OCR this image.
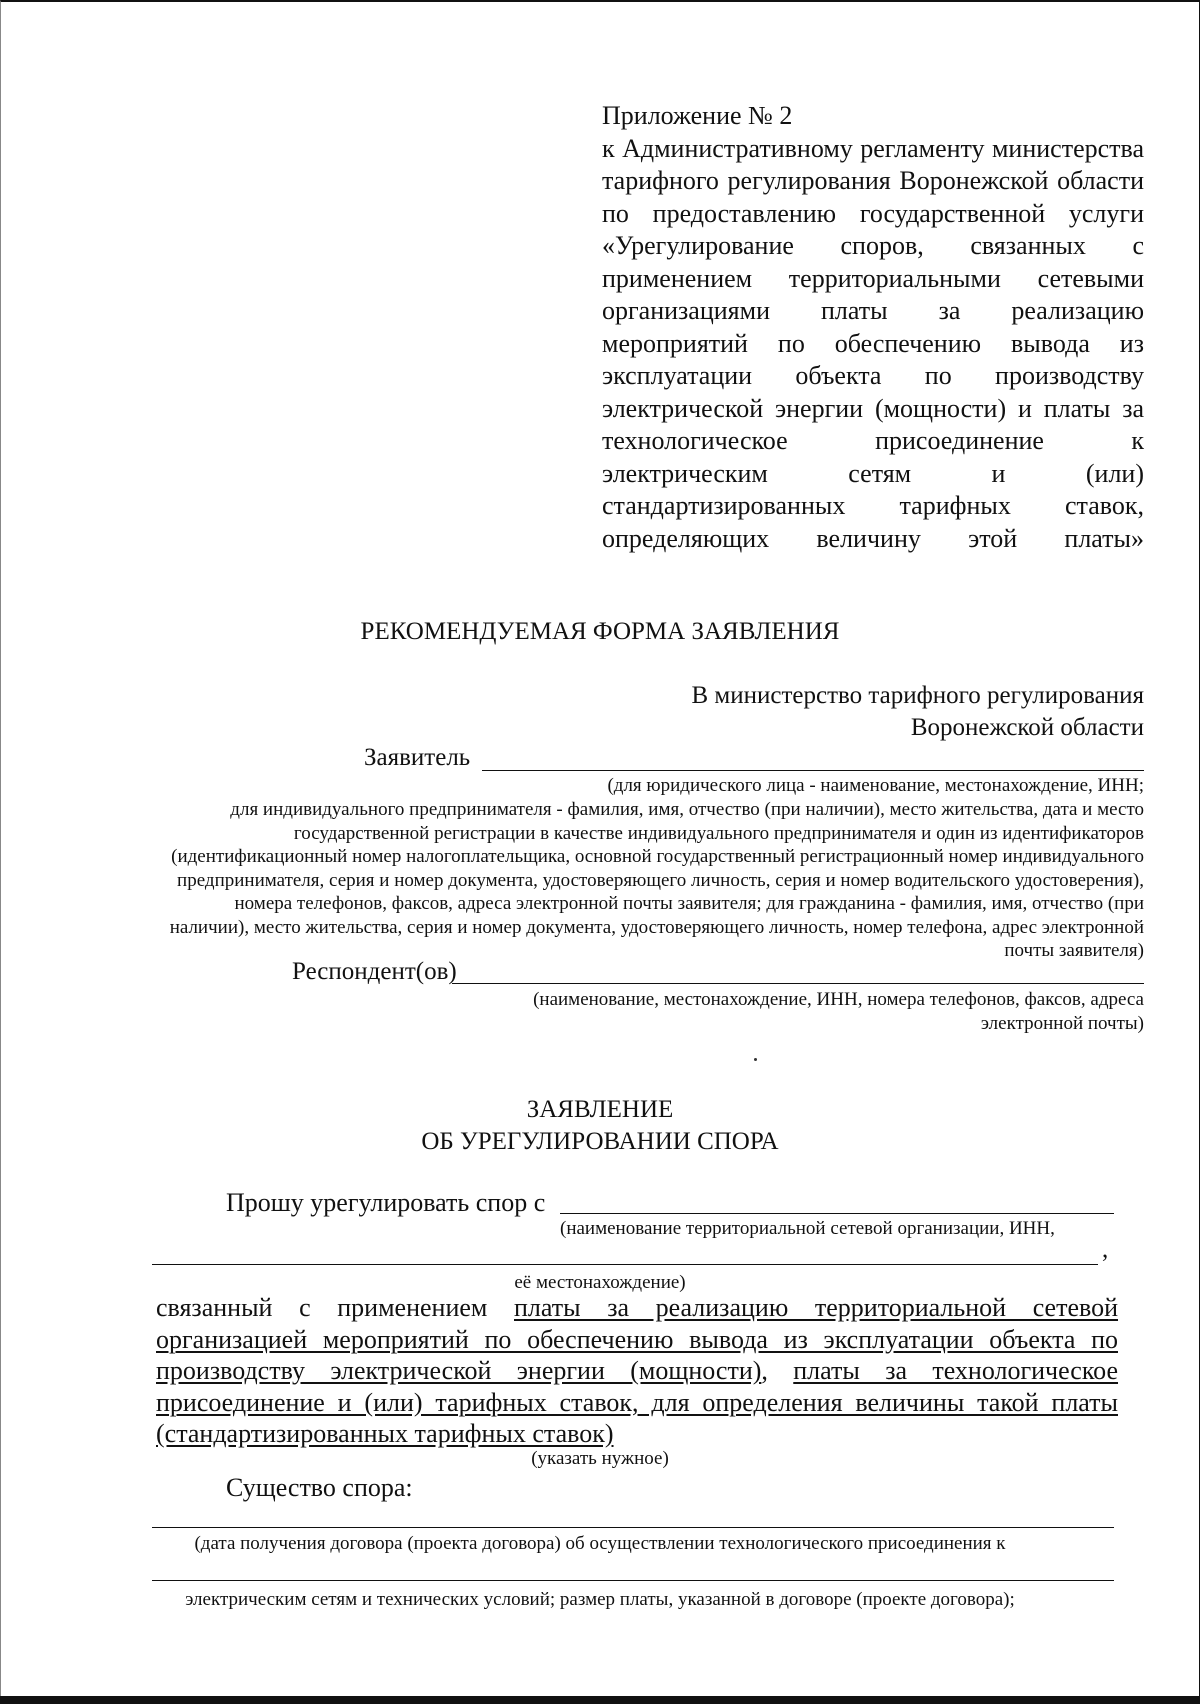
Приложение № 2
к Административному регламенту министерства тарифного регулирования Воронежской области по предоставлению государственной услуги «Урегулирование споров, связанных с применением территориальными сетевыми организациями платы за реализацию мероприятий по обеспечению вывода из эксплуатации объекта по производству электрической энергии (мощности) и платы за технологическое присоединение к электрическим сетям и (или) стандартизированных тарифных ставок, определяющих величину этой платы»
РЕКОМЕНДУЕМАЯ ФОРМА ЗАЯВЛЕНИЯ
В министерство тарифного регулирования
Воронежской области
Заявитель
(для юридического лица - наименование, местонахождение, ИНН;
для индивидуального предпринимателя - фамилия, имя, отчество (при наличии), место жительства, дата и место государственной регистрации в качестве индивидуального предпринимателя и один из идентификаторов (идентификационный номер налогоплательщика, основной государственный регистрационный номер индивидуального предпринимателя, серия и номер документа, удостоверяющего личность, серия и номер водительского удостоверения), номера телефонов, факсов, адреса электронной почты заявителя; для гражданина - фамилия, имя, отчество (при наличии), место жительства, серия и номер документа, удостоверяющего личность, номер телефона, адрес электронной почты заявителя)
Респондент(ов)
(наименование, местонахождение, ИНН, номера телефонов, факсов, адреса электронной почты)
ЗАЯВЛЕНИЕ
ОБ УРЕГУЛИРОВАНИИ СПОРА
Прошу урегулировать спор с
(наименование территориальной сетевой организации, ИНН,
,
её местонахождение)
связанный с применением платы за реализацию территориальной сетевой организацией мероприятий по обеспечению вывода из эксплуатации объекта по производству электрической энергии (мощности), платы за технологическое присоединение и (или) тарифных ставок, для определения величины такой платы (стандартизированных тарифных ставок)
(указать нужное)
Существо спора:
(дата получения договора (проекта договора) об осуществлении технологического присоединения к
электрическим сетям и технических условий; размер платы, указанной в договоре (проекте договора);
